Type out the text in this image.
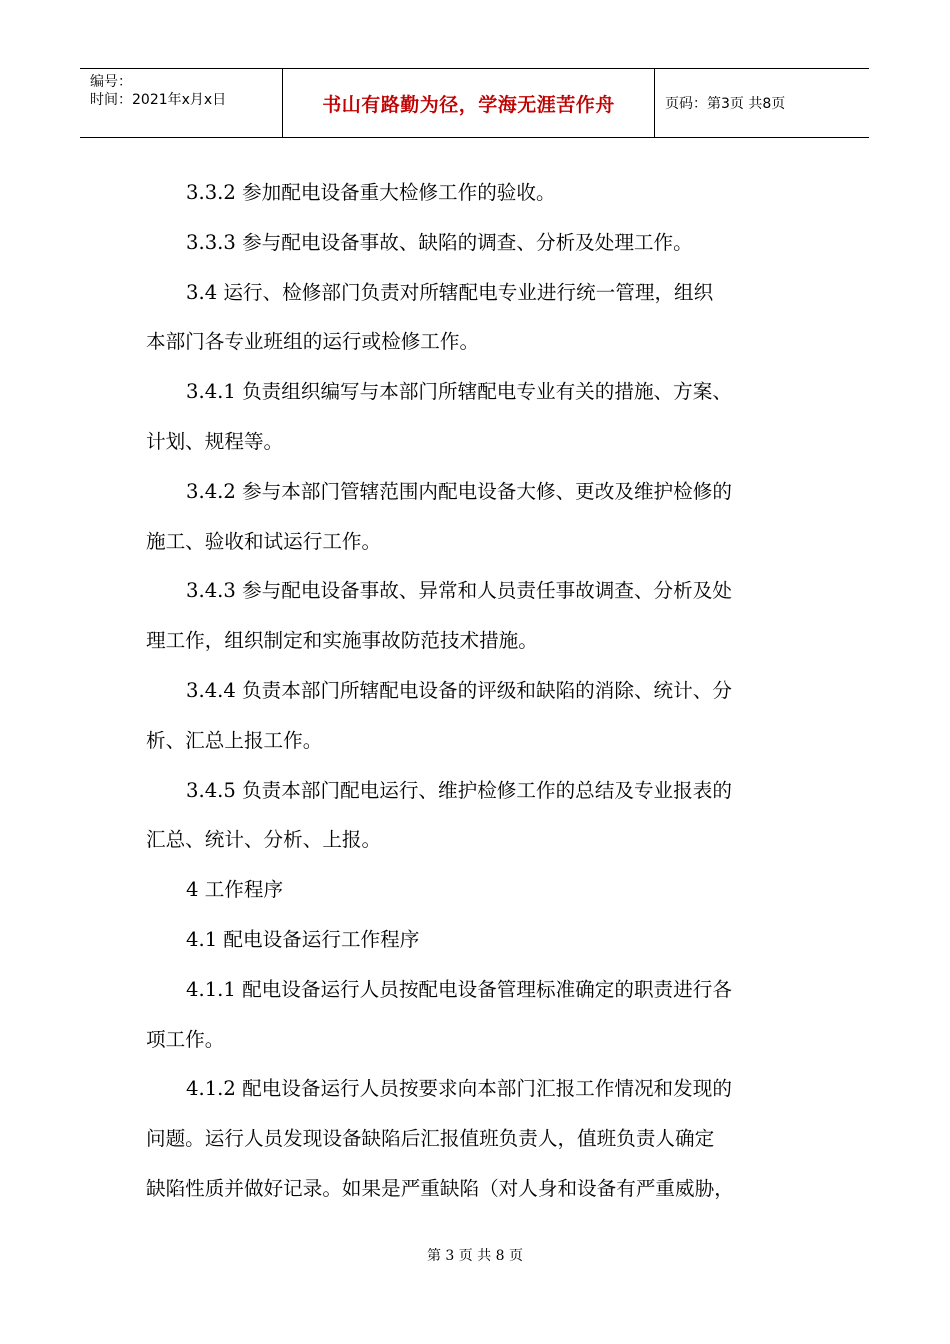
编号：
时间：2021年x月x日	书山有路勤为径，学海无涯苦作舟	页码：第3页 共8页

3.3.2 参加配电设备重大检修工作的验收。

3.3.3 参与配电设备事故、缺陷的调查、分析及处理工作。

3.4 运行、检修部门负责对所辖配电专业进行统一管理，组织
本部门各专业班组的运行或检修工作。

3.4.1 负责组织编写与本部门所辖配电专业有关的措施、方案、
计划、规程等。

3.4.2 参与本部门管辖范围内配电设备大修、更改及维护检修的
施工、验收和试运行工作。

3.4.3 参与配电设备事故、异常和人员责任事故调查、分析及处
理工作，组织制定和实施事故防范技术措施。

3.4.4 负责本部门所辖配电设备的评级和缺陷的消除、统计、分
析、汇总上报工作。

3.4.5 负责本部门配电运行、维护检修工作的总结及专业报表的
汇总、统计、分析、上报。

4 工作程序

4.1 配电设备运行工作程序

4.1.1 配电设备运行人员按配电设备管理标准确定的职责进行各
项工作。

4.1.2 配电设备运行人员按要求向本部门汇报工作情况和发现的
问题。运行人员发现设备缺陷后汇报值班负责人，值班负责人确定
缺陷性质并做好记录。如果是严重缺陷（对人身和设备有严重威胁，

第 3 页 共 8 页
